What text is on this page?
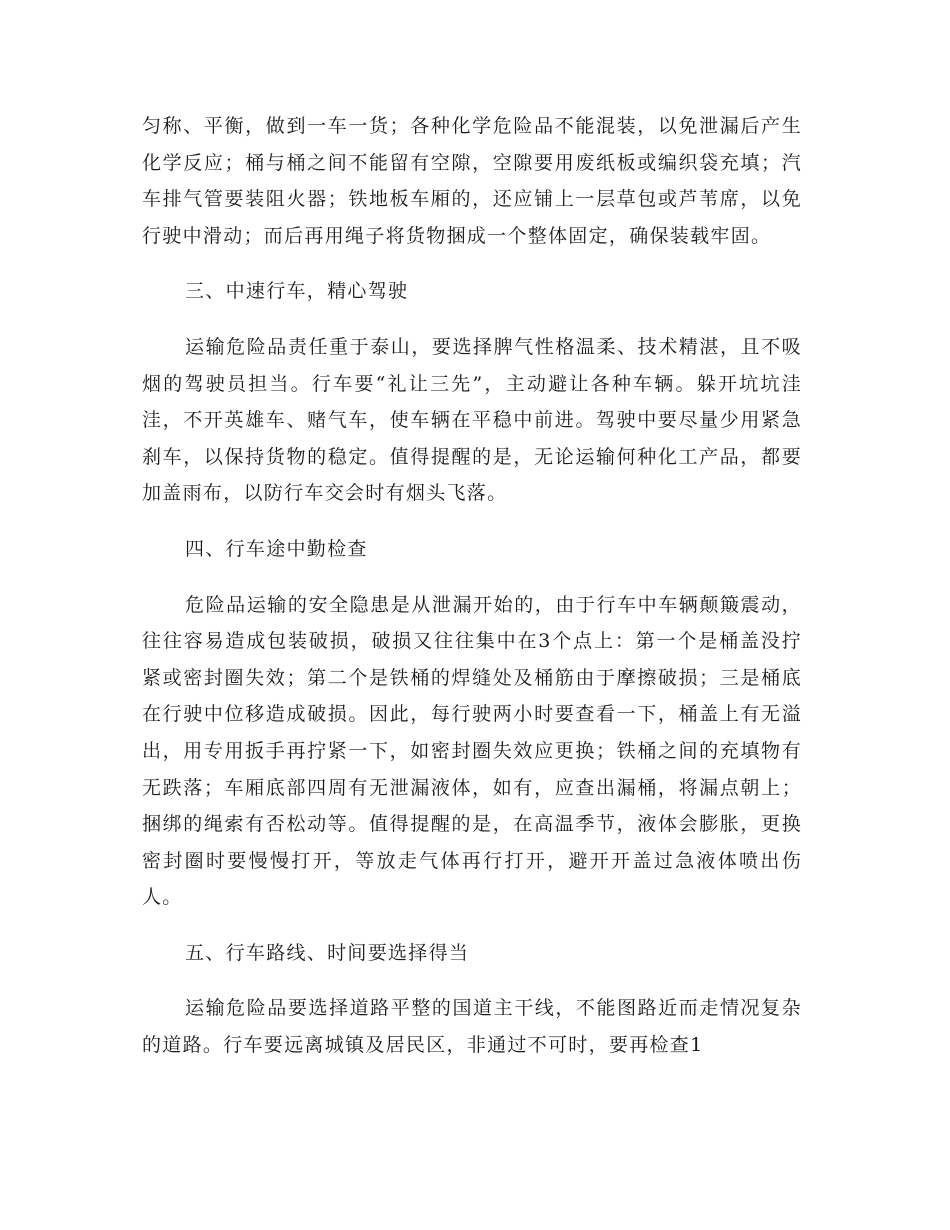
匀称、平衡，做到一车一货；各种化学危险品不能混装，以免泄漏后产生化学反应；桶与桶之间不能留有空隙，空隙要用废纸板或编织袋充填；汽车排气管要装阻火器；铁地板车厢的，还应铺上一层草包或芦苇席，以免行驶中滑动；而后再用绳子将货物捆成一个整体固定，确保装载牢固。

三、中速行车，精心驾驶

运输危险品责任重于泰山，要选择脾气性格温柔、技术精湛，且不吸烟的驾驶员担当。行车要“礼让三先”，主动避让各种车辆。躲开坑坑洼洼，不开英雄车、赌气车，使车辆在平稳中前进。驾驶中要尽量少用紧急刹车，以保持货物的稳定。值得提醒的是，无论运输何种化工产品，都要加盖雨布，以防行车交会时有烟头飞落。

四、行车途中勤检查

危险品运输的安全隐患是从泄漏开始的，由于行车中车辆颠簸震动，往往容易造成包装破损，破损又往往集中在3个点上：第一个是桶盖没拧紧或密封圈失效；第二个是铁桶的焊缝处及桶筋由于摩擦破损；三是桶底在行驶中位移造成破损。因此，每行驶两小时要查看一下，桶盖上有无溢出，用专用扳手再拧紧一下，如密封圈失效应更换；铁桶之间的充填物有无跌落；车厢底部四周有无泄漏液体，如有，应查出漏桶，将漏点朝上；捆绑的绳索有否松动等。值得提醒的是，在高温季节，液体会膨胀，更换密封圈时要慢慢打开，等放走气体再行打开，避开开盖过急液体喷出伤人。

五、行车路线、时间要选择得当

运输危险品要选择道路平整的国道主干线，不能图路近而走情况复杂的道路。行车要远离城镇及居民区，非通过不可时，要再检查1
